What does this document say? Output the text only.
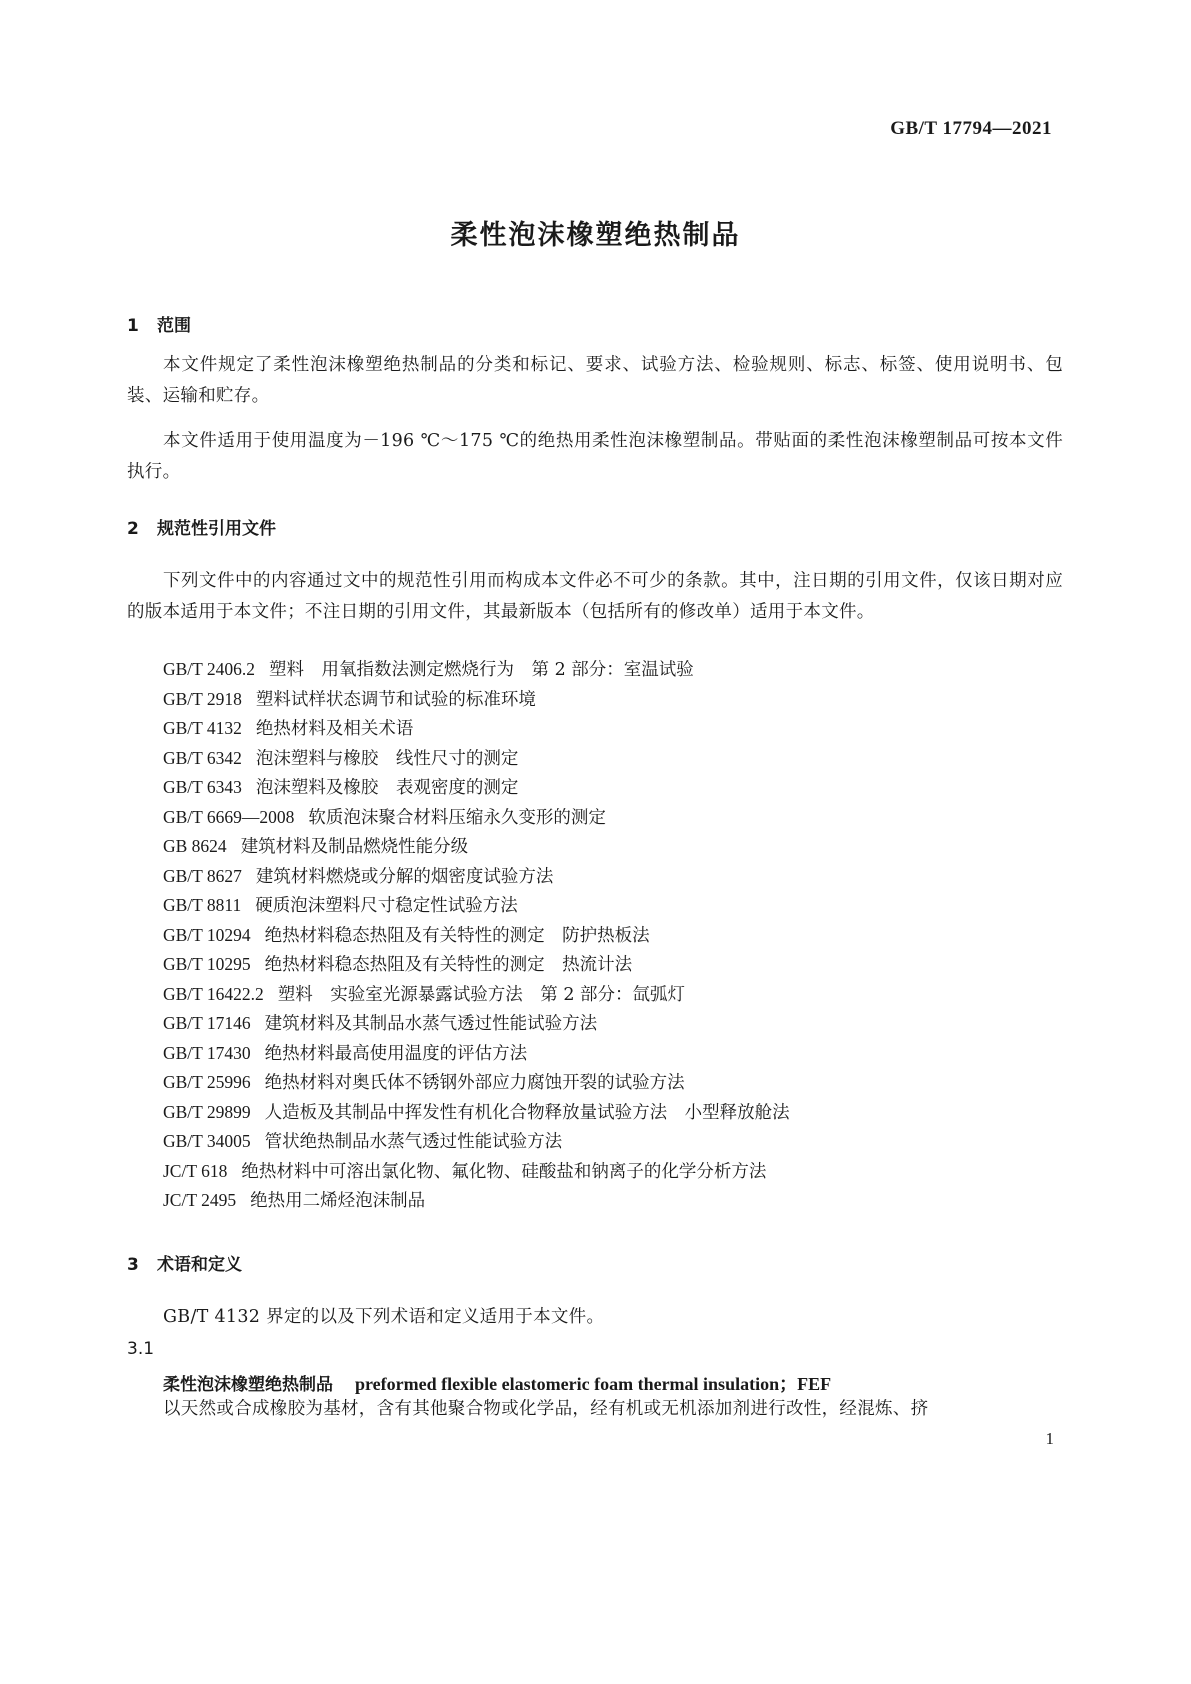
GB/T 17794—2021
柔性泡沫橡塑绝热制品
1 范围

本文件规定了柔性泡沫橡塑绝热制品的分类和标记、要求、试验方法、检验规则、标志、标签、使用说明书、包装、运输和贮存。

本文件适用于使用温度为－196 ℃～175 ℃的绝热用柔性泡沫橡塑制品。带贴面的柔性泡沫橡塑制品可按本文件执行。

2 规范性引用文件

下列文件中的内容通过文中的规范性引用而构成本文件必不可少的条款。其中，注日期的引用文件，仅该日期对应的版本适用于本文件；不注日期的引用文件，其最新版本（包括所有的修改单）适用于本文件。

GB/T 2406.2 塑料　用氧指数法测定燃烧行为　第 2 部分：室温试验
GB/T 2918 塑料试样状态调节和试验的标准环境
GB/T 4132 绝热材料及相关术语
GB/T 6342 泡沫塑料与橡胶　线性尺寸的测定
GB/T 6343 泡沫塑料及橡胶　表观密度的测定
GB/T 6669—2008 软质泡沫聚合材料压缩永久变形的测定
GB 8624 建筑材料及制品燃烧性能分级
GB/T 8627 建筑材料燃烧或分解的烟密度试验方法
GB/T 8811 硬质泡沫塑料尺寸稳定性试验方法
GB/T 10294 绝热材料稳态热阻及有关特性的测定　防护热板法
GB/T 10295 绝热材料稳态热阻及有关特性的测定　热流计法
GB/T 16422.2 塑料　实验室光源暴露试验方法　第 2 部分：氙弧灯
GB/T 17146 建筑材料及其制品水蒸气透过性能试验方法
GB/T 17430 绝热材料最高使用温度的评估方法
GB/T 25996 绝热材料对奥氏体不锈钢外部应力腐蚀开裂的试验方法
GB/T 29899 人造板及其制品中挥发性有机化合物释放量试验方法　小型释放舱法
GB/T 34005 管状绝热制品水蒸气透过性能试验方法
JC/T 618 绝热材料中可溶出氯化物、氟化物、硅酸盐和钠离子的化学分析方法
JC/T 2495 绝热用二烯烃泡沫制品
3 术语和定义

GB/T 4132 界定的以及下列术语和定义适用于本文件。

3.1
柔性泡沫橡塑绝热制品 preformed flexible elastomeric foam thermal insulation；FEF

以天然或合成橡胶为基材，含有其他聚合物或化学品，经有机或无机添加剂进行改性，经混炼、挤

1
